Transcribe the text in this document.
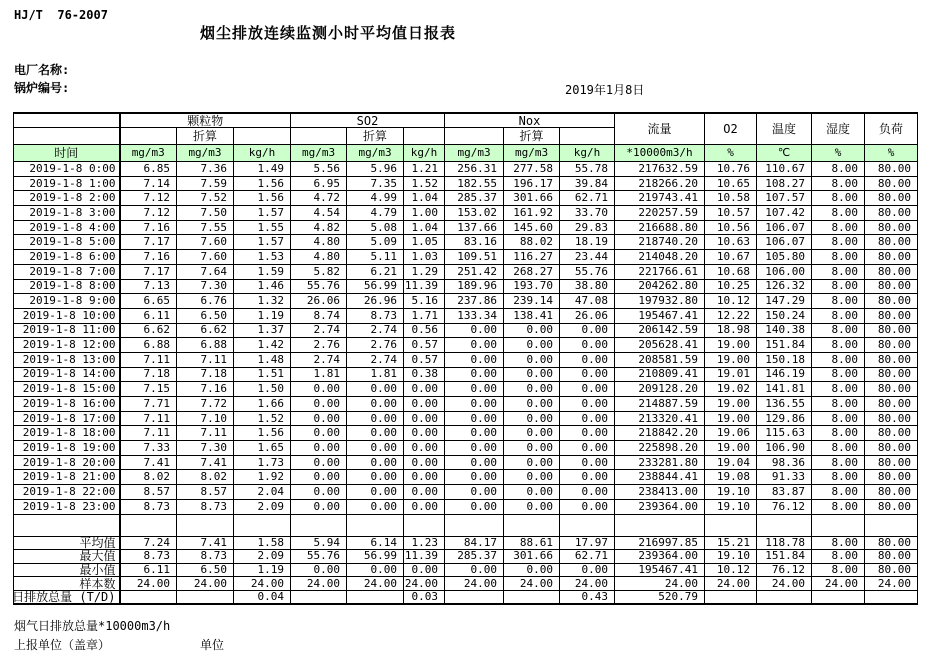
HJ/T  76-2007
烟尘排放连续监测小时平均值日报表
电厂名称:
锅炉编号:	2019年1月8日
	颗粒物			SO2			Nox			流量	O2	温度	湿度	负荷
		折算			折算			折算						
时间	mg/m3	mg/m3	kg/h	mg/m3	mg/m3	kg/h	mg/m3	mg/m3	kg/h	*10000m3/h	%	℃	%	%
2019-1-8 0:00	6.85	7.36	1.49	5.56	5.96	1.21	256.31	277.58	55.78	217632.59	10.76	110.67	8.00	80.00
2019-1-8 1:00	7.14	7.59	1.56	6.95	7.35	1.52	182.55	196.17	39.84	218266.20	10.65	108.27	8.00	80.00
2019-1-8 2:00	7.12	7.52	1.56	4.72	4.99	1.04	285.37	301.66	62.71	219743.41	10.58	107.57	8.00	80.00
2019-1-8 3:00	7.12	7.50	1.57	4.54	4.79	1.00	153.02	161.92	33.70	220257.59	10.57	107.42	8.00	80.00
2019-1-8 4:00	7.16	7.55	1.55	4.82	5.08	1.04	137.66	145.60	29.83	216688.80	10.56	106.07	8.00	80.00
2019-1-8 5:00	7.17	7.60	1.57	4.80	5.09	1.05	83.16	88.02	18.19	218740.20	10.63	106.07	8.00	80.00
2019-1-8 6:00	7.16	7.60	1.53	4.80	5.11	1.03	109.51	116.27	23.44	214048.20	10.67	105.80	8.00	80.00
2019-1-8 7:00	7.17	7.64	1.59	5.82	6.21	1.29	251.42	268.27	55.76	221766.61	10.68	106.00	8.00	80.00
2019-1-8 8:00	7.13	7.30	1.46	55.76	56.99	11.39	189.96	193.70	38.80	204262.80	10.25	126.32	8.00	80.00
2019-1-8 9:00	6.65	6.76	1.32	26.06	26.96	5.16	237.86	239.14	47.08	197932.80	10.12	147.29	8.00	80.00
2019-1-8 10:00	6.11	6.50	1.19	8.74	8.73	1.71	133.34	138.41	26.06	195467.41	12.22	150.24	8.00	80.00
2019-1-8 11:00	6.62	6.62	1.37	2.74	2.74	0.56	0.00	0.00	0.00	206142.59	18.98	140.38	8.00	80.00
2019-1-8 12:00	6.88	6.88	1.42	2.76	2.76	0.57	0.00	0.00	0.00	205628.41	19.00	151.84	8.00	80.00
2019-1-8 13:00	7.11	7.11	1.48	2.74	2.74	0.57	0.00	0.00	0.00	208581.59	19.00	150.18	8.00	80.00
2019-1-8 14:00	7.18	7.18	1.51	1.81	1.81	0.38	0.00	0.00	0.00	210809.41	19.01	146.19	8.00	80.00
2019-1-8 15:00	7.15	7.16	1.50	0.00	0.00	0.00	0.00	0.00	0.00	209128.20	19.02	141.81	8.00	80.00
2019-1-8 16:00	7.71	7.72	1.66	0.00	0.00	0.00	0.00	0.00	0.00	214887.59	19.00	136.55	8.00	80.00
2019-1-8 17:00	7.11	7.10	1.52	0.00	0.00	0.00	0.00	0.00	0.00	213320.41	19.00	129.86	8.00	80.00
2019-1-8 18:00	7.11	7.11	1.56	0.00	0.00	0.00	0.00	0.00	0.00	218842.20	19.06	115.63	8.00	80.00
2019-1-8 19:00	7.33	7.30	1.65	0.00	0.00	0.00	0.00	0.00	0.00	225898.20	19.00	106.90	8.00	80.00
2019-1-8 20:00	7.41	7.41	1.73	0.00	0.00	0.00	0.00	0.00	0.00	233281.80	19.04	98.36	8.00	80.00
2019-1-8 21:00	8.02	8.02	1.92	0.00	0.00	0.00	0.00	0.00	0.00	238844.41	19.08	91.33	8.00	80.00
2019-1-8 22:00	8.57	8.57	2.04	0.00	0.00	0.00	0.00	0.00	0.00	238413.00	19.10	83.87	8.00	80.00
2019-1-8 23:00	8.73	8.73	2.09	0.00	0.00	0.00	0.00	0.00	0.00	239364.00	19.10	76.12	8.00	80.00

平均值	7.24	7.41	1.58	5.94	6.14	1.23	84.17	88.61	17.97	216997.85	15.21	118.78	8.00	80.00
最大值	8.73	8.73	2.09	55.76	56.99	11.39	285.37	301.66	62.71	239364.00	19.10	151.84	8.00	80.00
最小值	6.11	6.50	1.19	0.00	0.00	0.00	0.00	0.00	0.00	195467.41	10.12	76.12	8.00	80.00
样本数	24.00	24.00	24.00	24.00	24.00	24.00	24.00	24.00	24.00	24.00	24.00	24.00	24.00	24.00

日排放总量 (T/D)			0.04			0.03			0.43	520.79				
烟气日排放总量*10000m3/h
上报单位（盖章）	单位
